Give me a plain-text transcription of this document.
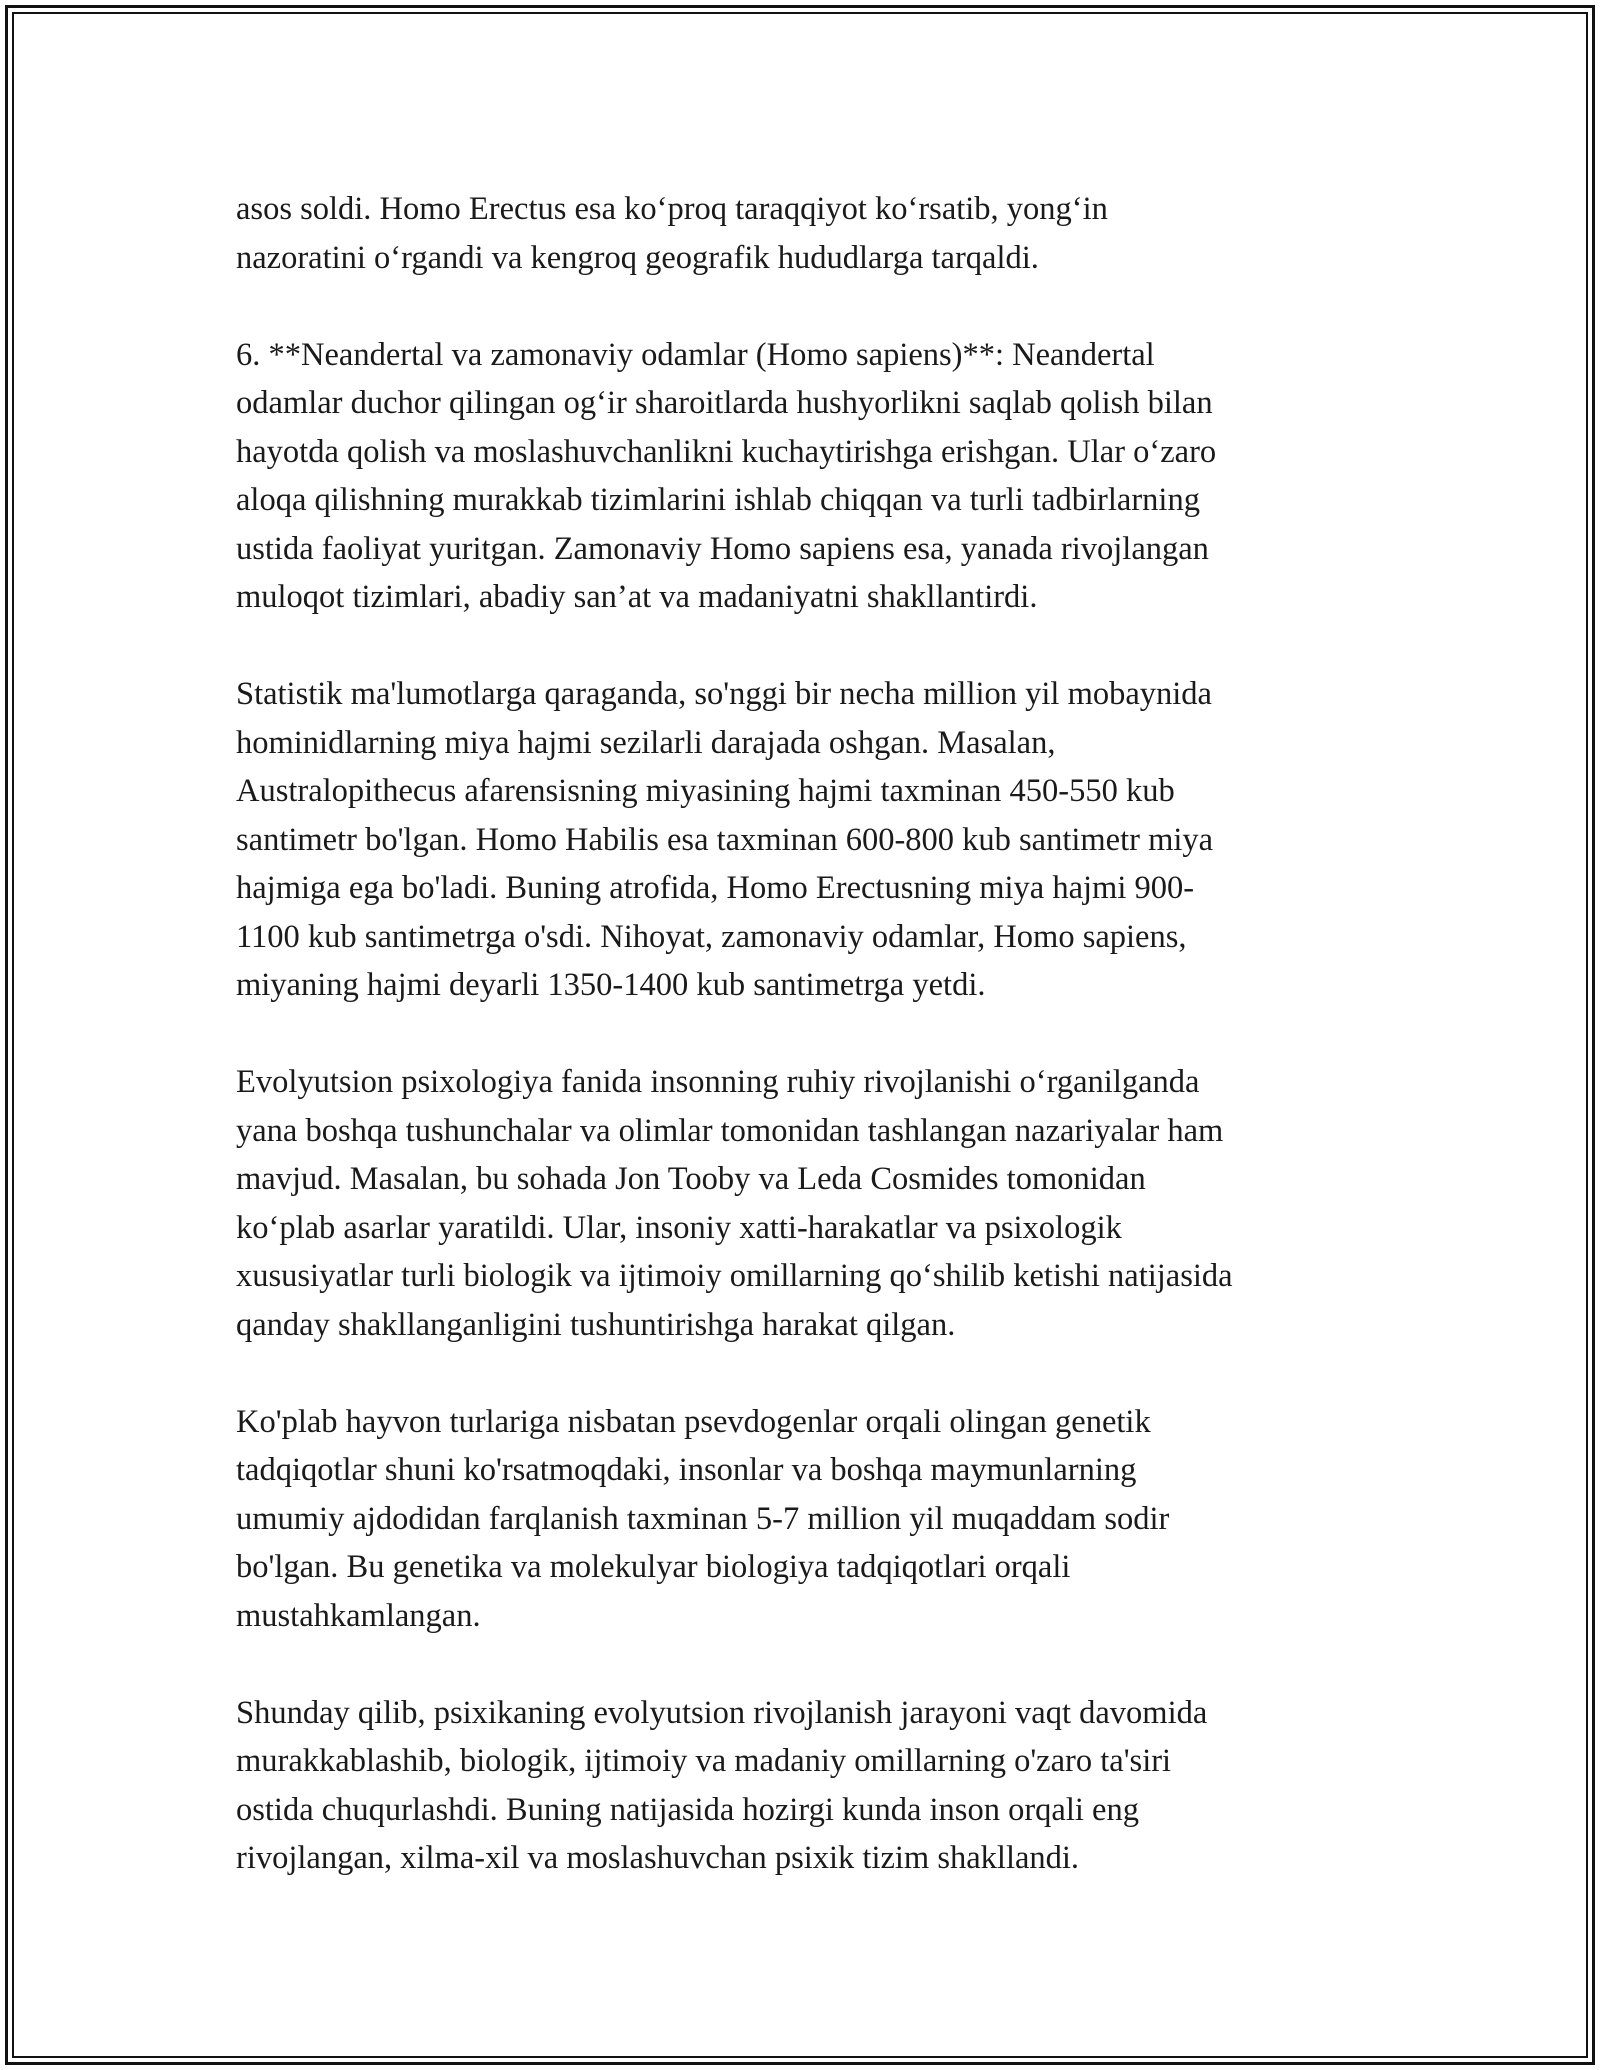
asos soldi. Homo Erectus esa ko‘proq taraqqiyot ko‘rsatib, yong‘in
nazoratini o‘rgandi va kengroq geografik hududlarga tarqaldi.

6. **Neandertal va zamonaviy odamlar (Homo sapiens)**: Neandertal
odamlar duchor qilingan og‘ir sharoitlarda hushyorlikni saqlab qolish bilan
hayotda qolish va moslashuvchanlikni kuchaytirishga erishgan. Ular o‘zaro
aloqa qilishning murakkab tizimlarini ishlab chiqqan va turli tadbirlarning
ustida faoliyat yuritgan. Zamonaviy Homo sapiens esa, yanada rivojlangan
muloqot tizimlari, abadiy san’at va madaniyatni shakllantirdi.

Statistik ma'lumotlarga qaraganda, so'nggi bir necha million yil mobaynida
hominidlarning miya hajmi sezilarli darajada oshgan. Masalan,
Australopithecus afarensisning miyasining hajmi taxminan 450-550 kub
santimetr bo'lgan. Homo Habilis esa taxminan 600-800 kub santimetr miya
hajmiga ega bo'ladi. Buning atrofida, Homo Erectusning miya hajmi 900-
1100 kub santimetrga o'sdi. Nihoyat, zamonaviy odamlar, Homo sapiens,
miyaning hajmi deyarli 1350-1400 kub santimetrga yetdi.

Evolyutsion psixologiya fanida insonning ruhiy rivojlanishi o‘rganilganda
yana boshqa tushunchalar va olimlar tomonidan tashlangan nazariyalar ham
mavjud. Masalan, bu sohada Jon Tooby va Leda Cosmides tomonidan
ko‘plab asarlar yaratildi. Ular, insoniy xatti-harakatlar va psixologik
xususiyatlar turli biologik va ijtimoiy omillarning qo‘shilib ketishi natijasida
qanday shakllanganligini tushuntirishga harakat qilgan.

Ko'plab hayvon turlariga nisbatan psevdogenlar orqali olingan genetik
tadqiqotlar shuni ko'rsatmoqdaki, insonlar va boshqa maymunlarning
umumiy ajdodidan farqlanish taxminan 5-7 million yil muqaddam sodir
bo'lgan. Bu genetika va molekulyar biologiya tadqiqotlari orqali
mustahkamlangan.

Shunday qilib, psixikaning evolyutsion rivojlanish jarayoni vaqt davomida
murakkablashib, biologik, ijtimoiy va madaniy omillarning o'zaro ta'siri
ostida chuqurlashdi. Buning natijasida hozirgi kunda inson orqali eng
rivojlangan, xilma-xil va moslashuvchan psixik tizim shakllandi.
